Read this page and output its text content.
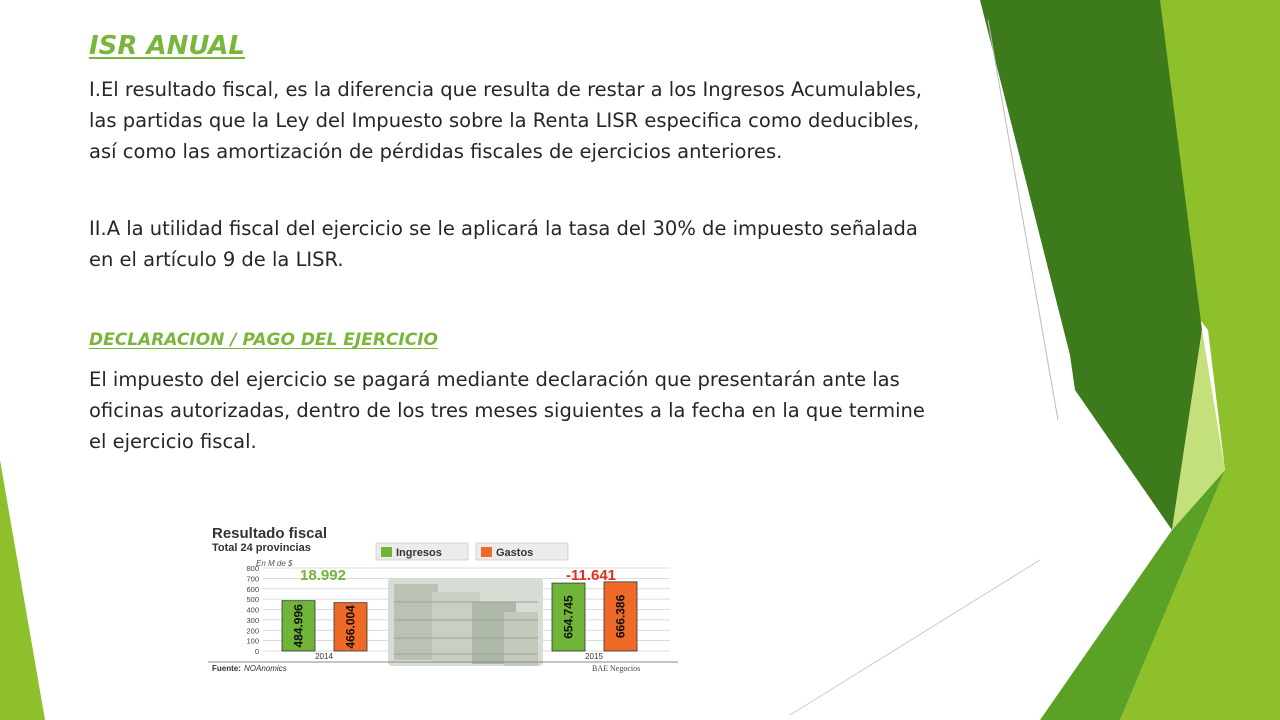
ISR ANUAL

I.El resultado fiscal, es la diferencia que resulta de restar a los Ingresos Acumulables, las partidas que la Ley del Impuesto sobre la Renta LISR especifica como deducibles, así como las amortización de pérdidas fiscales de ejercicios anteriores.

II.A la utilidad fiscal del ejercicio se le aplicará la tasa del 30% de impuesto señalada en el artículo 9 de la LISR.

DECLARACION / PAGO DEL EJERCICIO

El impuesto del ejercicio se pagará mediante declaración que presentarán ante las oficinas autorizadas, dentro de los tres meses siguientes a la fecha en la que termine el ejercicio fiscal.

Resultado fiscal
Total 24 provincias	Ingresos	Gastos
En M de $
0
100
200
300
400
500
600
700
800
484.996	654.745
466.004	666.386
18.992	-11.641
2014	2015
Fuente: NOAnomics	BAE Negocios
